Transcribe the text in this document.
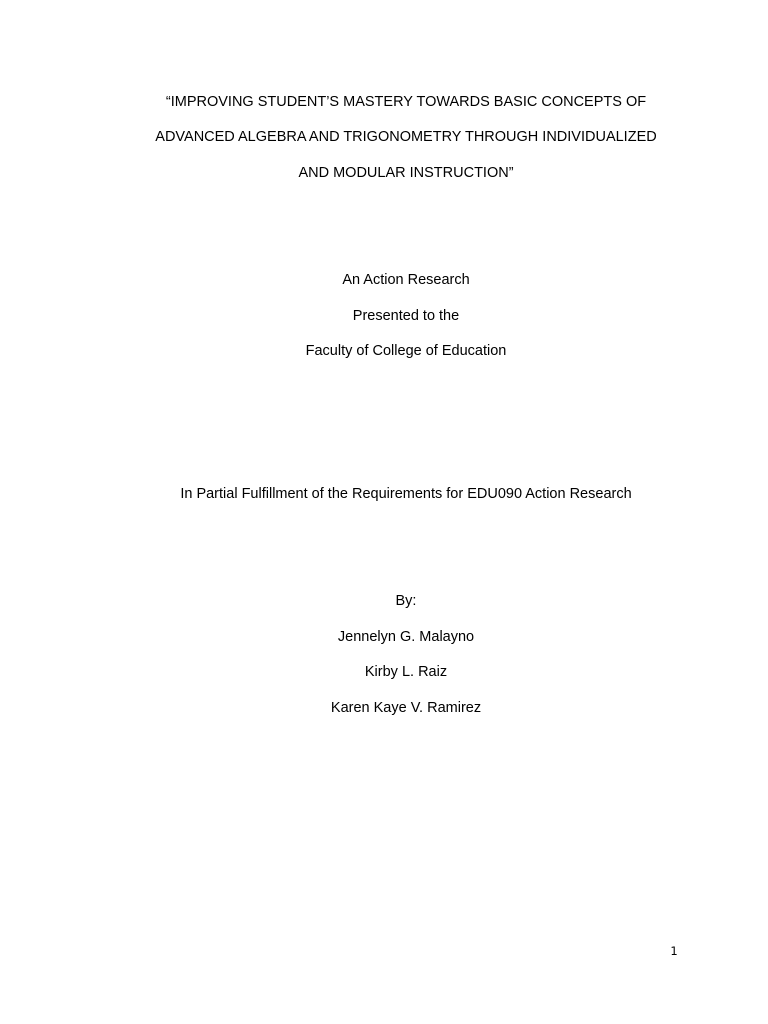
“IMPROVING STUDENT’S MASTERY TOWARDS BASIC CONCEPTS OF
ADVANCED ALGEBRA AND TRIGONOMETRY THROUGH INDIVIDUALIZED
AND MODULAR INSTRUCTION”
An Action Research
Presented to the
Faculty of College of Education
In Partial Fulfillment of the Requirements for EDU090 Action Research
By:
Jennelyn G. Malayno
Kirby L. Raiz
Karen Kaye V. Ramirez
1
